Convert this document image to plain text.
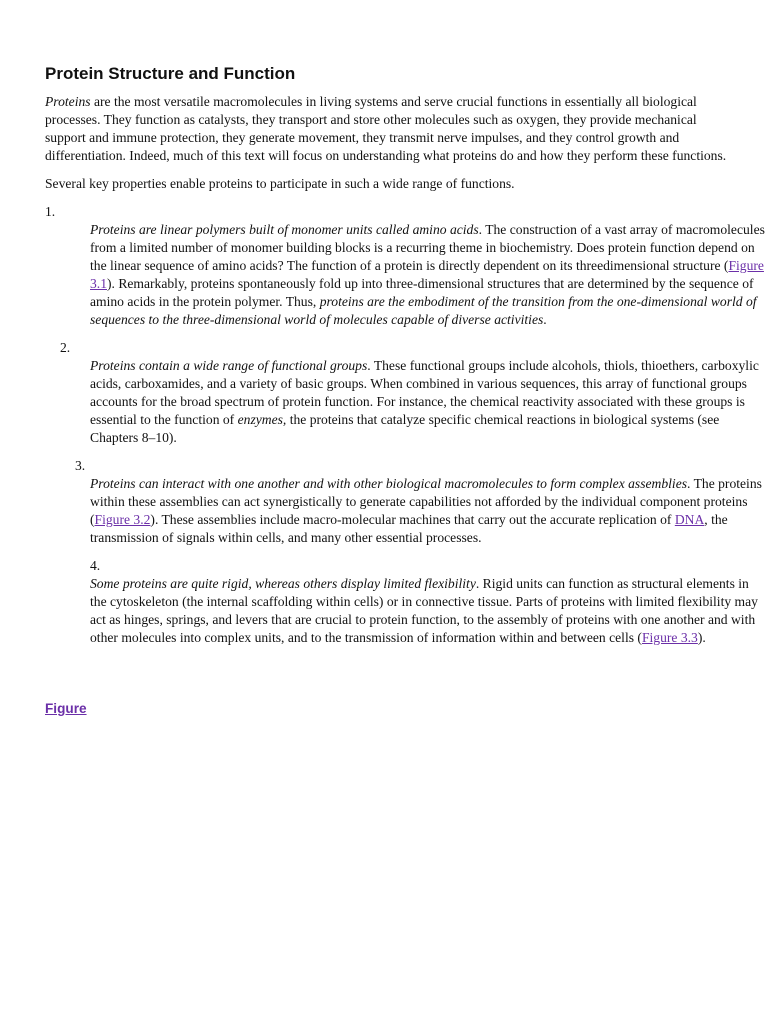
Protein Structure and Function

Proteins are the most versatile macromolecules in living systems and serve crucial functions in essentially all biological processes. They function as catalysts, they transport and store other molecules such as oxygen, they provide mechanical support and immune protection, they generate movement, they transmit nerve impulses, and they control growth and differentiation. Indeed, much of this text will focus on understanding what proteins do and how they perform these functions.

Several key properties enable proteins to participate in such a wide range of functions.

1.

Proteins are linear polymers built of monomer units called amino acids. The construction of a vast array of macromolecules from a limited number of monomer building blocks is a recurring theme in biochemistry. Does protein function depend on the linear sequence of amino acids? The function of a protein is directly dependent on its threedimensional structure (Figure 3.1). Remarkably, proteins spontaneously fold up into three-dimensional structures that are determined by the sequence of amino acids in the protein polymer. Thus, proteins are the embodiment of the transition from the one-dimensional world of sequences to the three-dimensional world of molecules capable of diverse activities.

2.

Proteins contain a wide range of functional groups. These functional groups include alcohols, thiols, thioethers, carboxylic acids, carboxamides, and a variety of basic groups. When combined in various sequences, this array of functional groups accounts for the broad spectrum of protein function. For instance, the chemical reactivity associated with these groups is essential to the function of enzymes, the proteins that catalyze specific chemical reactions in biological systems (see Chapters 8–10).

3.

Proteins can interact with one another and with other biological macromolecules to form complex assemblies. The proteins within these assemblies can act synergistically to generate capabilities not afforded by the individual component proteins (Figure 3.2). These assemblies include macro-molecular machines that carry out the accurate replication of DNA, the transmission of signals within cells, and many other essential processes.

4.

Some proteins are quite rigid, whereas others display limited flexibility. Rigid units can function as structural elements in the cytoskeleton (the internal scaffolding within cells) or in connective tissue. Parts of proteins with limited flexibility may act as hinges, springs, and levers that are crucial to protein function, to the assembly of proteins with one another and with other molecules into complex units, and to the transmission of information within and between cells (Figure 3.3).

Figure
